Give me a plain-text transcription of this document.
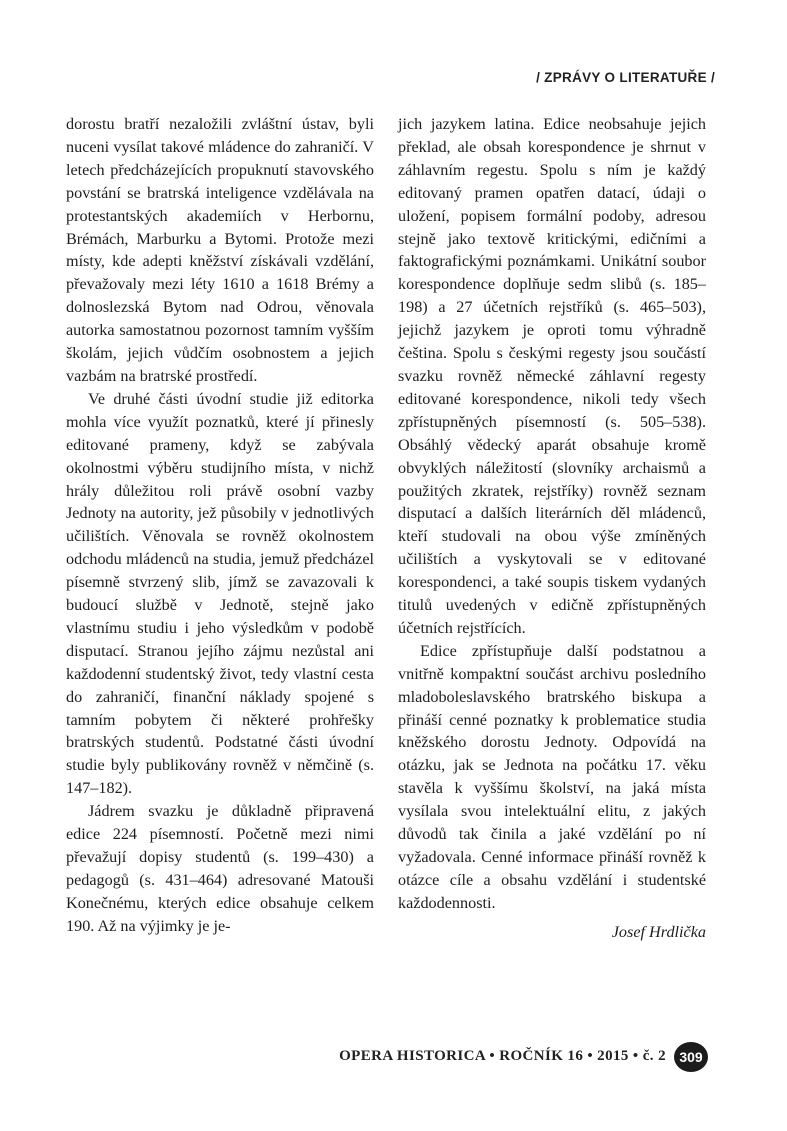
/ ZPRÁVY O LITERATUŘE /

dorostu bratří nezaložili zvláštní ústav, byli nuceni vysílat takové mládence do zahraničí. V letech předcházejících propuknutí stavovského povstání se bratrská inteligence vzdělávala na protestantských akademiích v Herbornu, Brémách, Marburku a Bytomi. Protože mezi místy, kde adepti kněžství získávali vzdělání, převažovaly mezi léty 1610 a 1618 Brémy a dolnoslezská Bytom nad Odrou, věnovala autorka samostatnou pozornost tamním vyšším školám, jejich vůdčím osobnostem a jejich vazbám na bratrské prostředí.

Ve druhé části úvodní studie již editorka mohla více využít poznatků, které jí přinesly editované prameny, když se zabývala okolnostmi výběru studijního místa, v nichž hrály důležitou roli právě osobní vazby Jednoty na autority, jež působily v jednotlivých učilištích. Věnovala se rovněž okolnostem odchodu mládenců na studia, jemuž předcházel písemně stvrzený slib, jímž se zavazovali k budoucí službě v Jednotě, stejně jako vlastnímu studiu i jeho výsledkům v podobě disputací. Stranou jejího zájmu nezůstal ani každodenní studentský život, tedy vlastní cesta do zahraničí, finanční náklady spojené s tamním pobytem či některé prohřešky bratrských studentů. Podstatné části úvodní studie byly publikovány rovněž v němčině (s. 147–182).

Jádrem svazku je důkladně připravená edice 224 písemností. Početně mezi nimi převažují dopisy studentů (s. 199–430) a pedagogů (s. 431–464) adresované Matouši Konečnému, kterých edice obsahuje celkem 190. Až na výjimky je je-

jich jazykem latina. Edice neobsahuje jejich překlad, ale obsah korespondence je shrnut v záhlavním regestu. Spolu s ním je každý editovaný pramen opatřen datací, údaji o uložení, popisem formální podoby, adresou stejně jako textově kritickými, edičními a faktografickými poznámkami. Unikátní soubor korespondence doplňuje sedm slibů (s. 185–198) a 27 účetních rejstříků (s. 465–503), jejichž jazykem je oproti tomu výhradně čeština. Spolu s českými regesty jsou součástí svazku rovněž německé záhlavní regesty editované korespondence, nikoli tedy všech zpřístupněných písemností (s. 505–538). Obsáhlý vědecký aparát obsahuje kromě obvyklých náležitostí (slovníky archaismů a použitých zkratek, rejstříky) rovněž seznam disputací a dalších literárních děl mládenců, kteří studovali na obou výše zmíněných učilištích a vyskytovali se v editované korespondenci, a také soupis tiskem vydaných titulů uvedených v edičně zpřístupněných účetních rejstřících.

Edice zpřístupňuje další podstatnou a vnitřně kompaktní součást archivu posledního mladoboleslavského bratrského biskupa a přináší cenné poznatky k problematice studia kněžského dorostu Jednoty. Odpovídá na otázku, jak se Jednota na počátku 17. věku stavěla k vyššímu školství, na jaká místa vysílala svou intelektuální elitu, z jakých důvodů tak činila a jaké vzdělání po ní vyžadovala. Cenné informace přináší rovněž k otázce cíle a obsahu vzdělání i studentské každodennosti.

Josef Hrdlička
OPERA HISTORICA • ROČNÍK 16 • 2015 • č. 2 309
